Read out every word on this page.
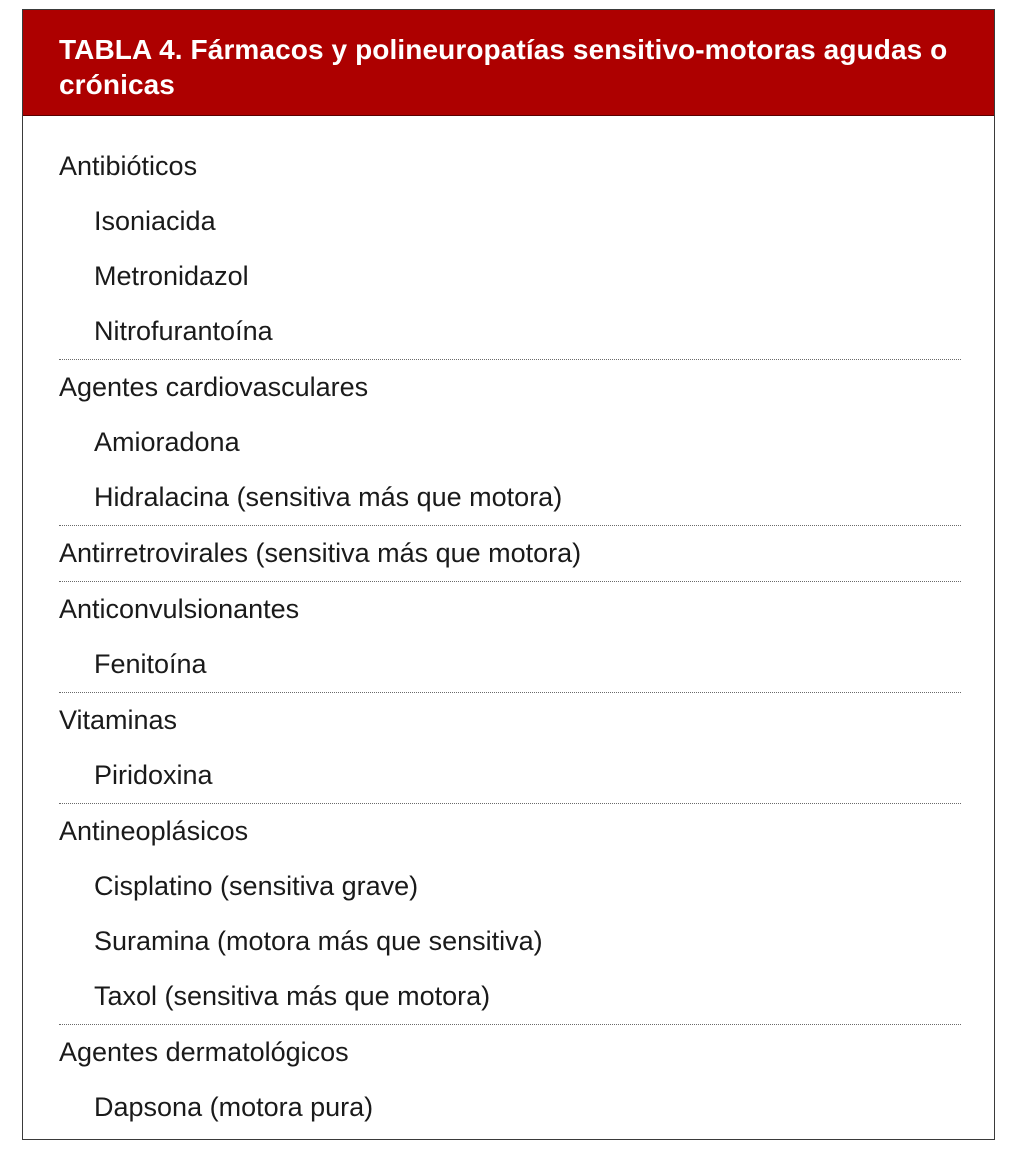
TABLA 4. Fármacos y polineuropatías sensitivo-motoras agudas o crónicas
Antibióticos
Isoniacida
Metronidazol
Nitrofurantoína
Agentes cardiovasculares
Amioradona
Hidralacina (sensitiva más que motora)
Antirretrovirales (sensitiva más que motora)
Anticonvulsionantes
Fenitoína
Vitaminas
Piridoxina
Antineoplásicos
Cisplatino (sensitiva grave)
Suramina (motora más que sensitiva)
Taxol (sensitiva más que motora)
Agentes dermatológicos
Dapsona (motora pura)
